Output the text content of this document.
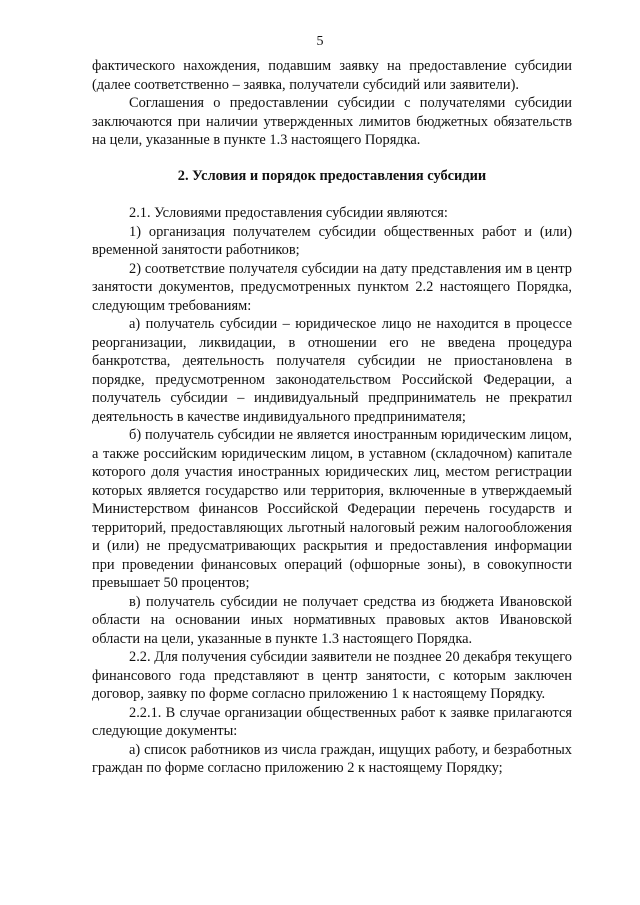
5

фактического нахождения, подавшим заявку на предоставление субсидии (далее соответственно – заявка, получатели субсидий или заявители).

Соглашения о предоставлении субсидии с получателями субсидии заключаются при наличии утвержденных лимитов бюджетных обязательств на цели, указанные в пункте 1.3 настоящего Порядка.

2. Условия и порядок предоставления субсидии

2.1. Условиями предоставления субсидии являются:

1) организация получателем субсидии общественных работ и (или) временной занятости работников;

2) соответствие получателя субсидии на дату представления им в центр занятости документов, предусмотренных пунктом 2.2 настоящего Порядка, следующим требованиям:

а) получатель субсидии – юридическое лицо не находится в процессе реорганизации, ликвидации, в отношении его не введена процедура банкротства, деятельность получателя субсидии не приостановлена в порядке, предусмотренном законодательством Российской Федерации, а получатель субсидии – индивидуальный предприниматель не прекратил деятельность в качестве индивидуального предпринимателя;

б) получатель субсидии не является иностранным юридическим лицом, а также российским юридическим лицом, в уставном (складочном) капитале которого доля участия иностранных юридических лиц, местом регистрации которых является государство или территория, включенные в утверждаемый Министерством финансов Российской Федерации перечень государств и территорий, предоставляющих льготный налоговый режим налогообложения и (или) не предусматривающих раскрытия и предоставления информации при проведении финансовых операций (офшорные зоны), в совокупности превышает 50 процентов;

в) получатель субсидии не получает средства из бюджета Ивановской области на основании иных нормативных правовых актов Ивановской области на цели, указанные в пункте 1.3 настоящего Порядка.

2.2. Для получения субсидии заявители не позднее 20 декабря текущего финансового года представляют в центр занятости, с которым заключен договор, заявку по форме согласно приложению 1 к настоящему Порядку.

2.2.1. В случае организации общественных работ к заявке прилагаются следующие документы:

а) список работников из числа граждан, ищущих работу, и безработных граждан по форме согласно приложению 2 к настоящему Порядку;
